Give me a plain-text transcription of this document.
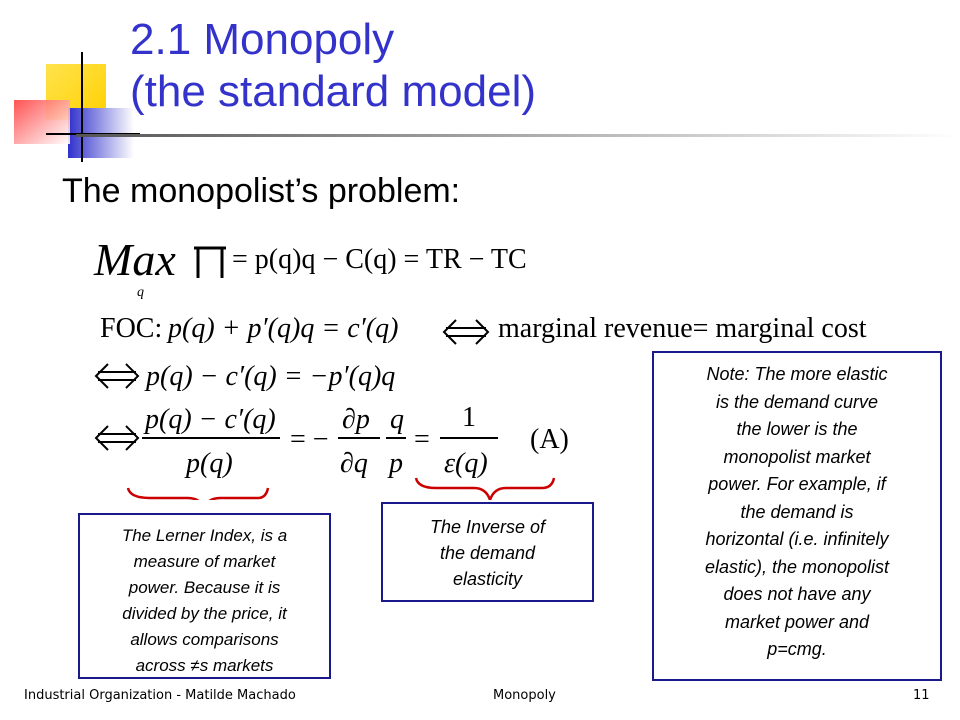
2.1 Monopoly
(the standard model)
The monopolist’s problem:
Max
q
= p(q)q − C(q) = TR − TC
FOC: p(q) + p′(q)q = c′(q)	marginal revenue= marginal cost
p(q) − c′(q) = −p′(q)q
p(q) − c′(q)
p(q)
= −
∂p
∂q
q
p
=
1
ε(q)
(A)
The Lerner Index, is a
measure of market
power. Because it is
divided by the price, it
allows comparisons
across ≠s markets
The Inverse of
the demand
elasticity
Note: The more elastic
is the demand curve
the lower is the
monopolist market
power. For example, if
the demand is
horizontal (i.e. infinitely
elastic), the monopolist
does not have any
market power and
p=cmg.
Industrial Organization - Matilde Machado	Monopoly	11
